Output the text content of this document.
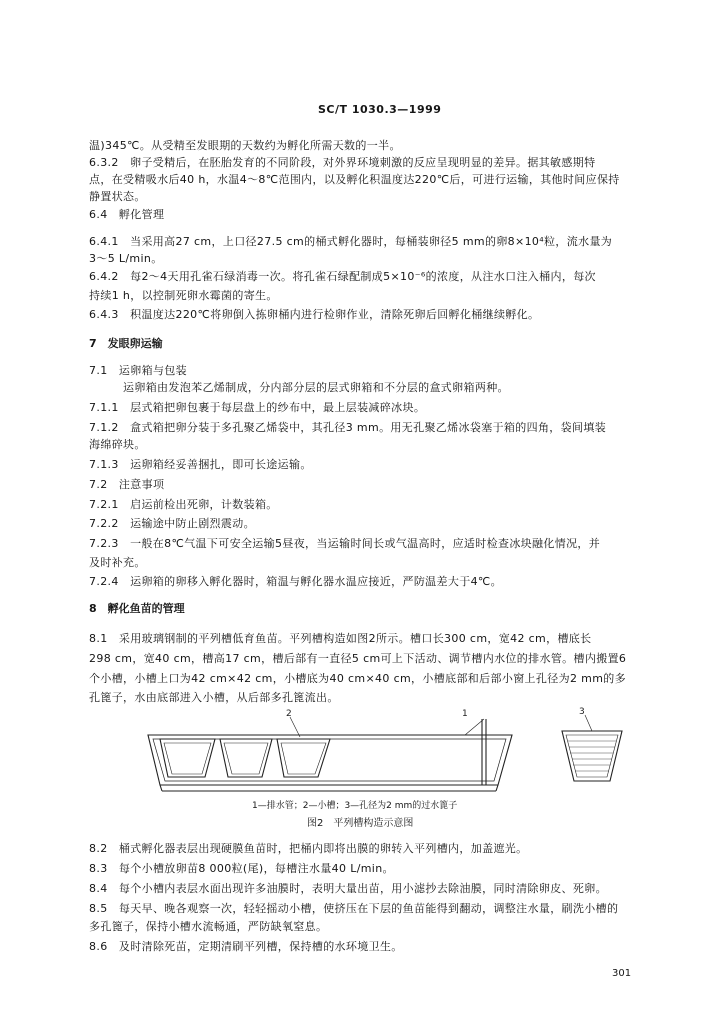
SC/T 1030.3—1999
温)345℃。从受精至发眼期的天数约为孵化所需天数的一半。
6.3.2　卵子受精后，在胚胎发育的不同阶段，对外界环境刺激的反应呈现明显的差异。据其敏感期特
点，在受精吸水后40 h，水温4～8℃范围内，以及孵化积温度达220℃后，可进行运输，其他时间应保持
静置状态。
6.4　孵化管理
6.4.1　当采用高27 cm，上口径27.5 cm的桶式孵化器时，每桶装卵径5 mm的卵8×10⁴粒，流水量为
3～5 L/min。
6.4.2　每2～4天用孔雀石绿消毒一次。将孔雀石绿配制成5×10⁻⁶的浓度，从注水口注入桶内，每次
持续1 h，以控制死卵水霉菌的寄生。
6.4.3　积温度达220℃将卵倒入拣卵桶内进行检卵作业，清除死卵后回孵化桶继续孵化。
7　发眼卵运输
7.1　运卵箱与包装
运卵箱由发泡苯乙烯制成，分内部分层的层式卵箱和不分层的盒式卵箱两种。
7.1.1　层式箱把卵包裹于每层盘上的纱布中，最上层装减碎冰块。
7.1.2　盒式箱把卵分装于多孔聚乙烯袋中，其孔径3 mm。用无孔聚乙烯冰袋塞于箱的四角，袋间填装
海绵碎块。
7.1.3　运卵箱经妥善捆扎，即可长途运输。
7.2　注意事项
7.2.1　启运前检出死卵，计数装箱。
7.2.2　运输途中防止剧烈震动。
7.2.3　一般在8℃气温下可安全运输5昼夜，当运输时间长或气温高时，应适时检查冰块融化情况，并
及时补充。
7.2.4　运卵箱的卵移入孵化器时，箱温与孵化器水温应接近，严防温差大于4℃。
8　孵化鱼苗的管理
8.1　采用玻璃钢制的平列槽低育鱼苗。平列槽构造如图2所示。槽口长300 cm，宽42 cm，槽底长
298 cm，宽40 cm，槽高17 cm，槽后部有一直径5 cm可上下活动、调节槽内水位的排水管。槽内搬置6
个小槽，小槽上口为42 cm×42 cm，小槽底为40 cm×40 cm，小槽底部和后部小窗上孔径为2 mm的多
孔篦子，水由底部进入小槽，从后部多孔篦流出。
2	1	3
1—排水管；2—小槽；3—孔径为2 mm的过水篦子
图2　平列槽构造示意图
8.2　桶式孵化器表层出现硬膜鱼苗时，把桶内即将出膜的卵转入平列槽内，加盖遮光。
8.3　每个小槽放卵苗8 000粒(尾)，每槽注水量40 L/min。
8.4　每个小槽内表层水面出现许多油膜时，表明大量出苗，用小滤抄去除油膜，同时清除卵皮、死卵。
8.5　每天早、晚各观察一次，轻轻摇动小槽，使挤压在下层的鱼苗能得到翻动，调整注水量，刷洗小槽的
多孔篦子，保持小槽水流畅通，严防缺氧窒息。
8.6　及时清除死苗，定期清刷平列槽，保持槽的水环境卫生。
301
